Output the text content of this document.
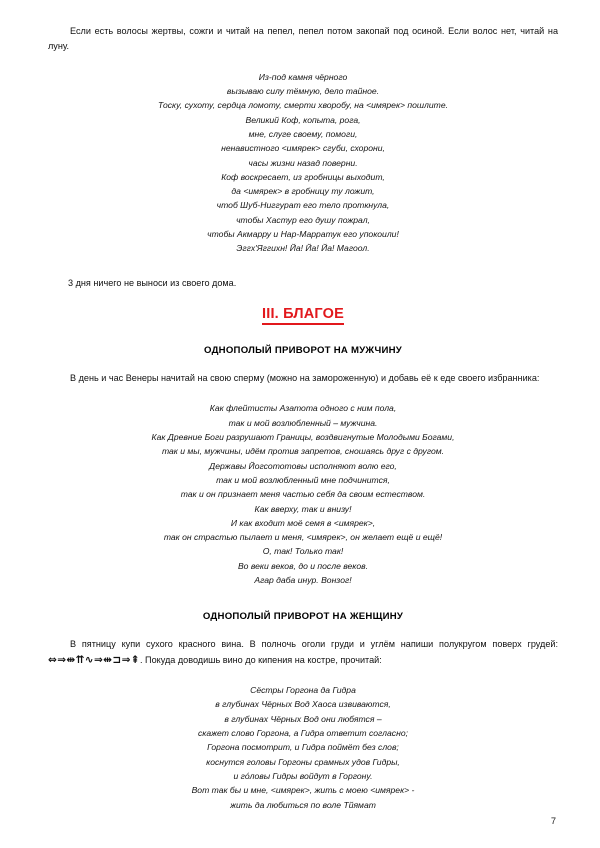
Если есть волосы жертвы, сожги и читай на пепел, пепел потом закопай под осиной. Если волос нет, читай на луну.

Из-под камня чёрного
вызываю силу тёмную, дело тайное.
Тоску, сухоту, сердца ломоту, смерти хворобу, на <имярек> пошлите.
Великий Коф, копыта, рога,
мне, слуге своему, помоги,
ненавистного <имярек> сгуби, схорони,
часы жизни назад поверни.
Коф воскресает, из гробницы выходит,
да <имярек> в гробницу ту ложит,
чтоб Шуб-Ниггурат его тело проткнула,
чтобы Хастур его душу пожрал,
чтобы Акмарру и Нар-Марратук его упокоили!
Эггх'Яггихн! Йа! Йа! Йа! Магоол.

3 дня ничего не выноси из своего дома.

III. БЛАГОЕ
ОДНОПОЛЫЙ ПРИВОРОТ НА МУЖЧИНУ

В день и час Венеры начитай на свою сперму (можно на замороженную) и добавь её к еде своего избранника:

Как флейтисты Азатота одного с ним пола,
так и мой возлюбленный – мужчина.
Как Древние Боги разрушают Границы, воздвигнутые Молодыми Богами,
так и мы, мужчины, идём против запретов, сношаясь друг с другом.
Державы Йогсототовы исполняют волю его,
так и мой возлюбленный мне подчинится,
так и он признает меня частью себя да своим естеством.
Как вверху, так и внизу!
И как входит моё семя в <имярек>,
так он страстью пылает и меня, <имярек>, он желает ещё и ещё!
О, так! Только так!
Во веки веков, до и после веков.
Агар даба инур. Вонзог!
ОДНОПОЛЫЙ ПРИВОРОТ НА ЖЕНЩИНУ

В пятницу купи сухого красного вина. В полночь оголи груди и углём напиши полукругом поверх грудей: ⇔⇒⇹⇈∿⇒⇹⊐⇒⇞. Покуда доводишь вино до кипения на костре, прочитай:

Сёстры Горгона да Гидра
в глубинах Чёрных Вод Хаоса извиваются,
в глубинах Чёрных Вод они любятся –
скажет слово Горгона, а Гидра ответит согласно;
Горгона посмотрит, и Гидра поймёт без слов;
коснутся головы Горгоны срамных удов Гидры,
и го́ловы Гидры войдут в Горгону.
Вот так бы и мне, <имярек>, жить с моею <имярек> -
жить да любиться по воле Тйямат
7
